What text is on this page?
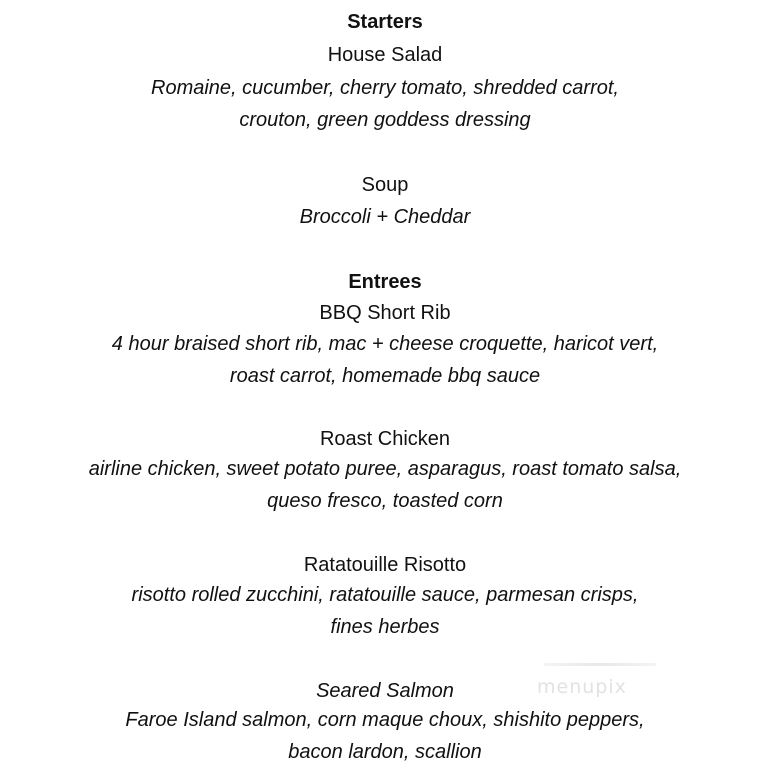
Starters
House Salad
Romaine, cucumber, cherry tomato, shredded carrot,
crouton, green goddess dressing
Soup
Broccoli + Cheddar
Entrees
BBQ Short Rib
4 hour braised short rib, mac + cheese croquette, haricot vert,
roast carrot, homemade bbq sauce
Roast Chicken
airline chicken, sweet potato puree, asparagus, roast tomato salsa,
queso fresco, toasted corn
Ratatouille Risotto
risotto rolled zucchini, ratatouille sauce, parmesan crisps,
fines herbes
Seared Salmon
Faroe Island salmon, corn maque choux, shishito peppers,
bacon lardon, scallion
menupix
